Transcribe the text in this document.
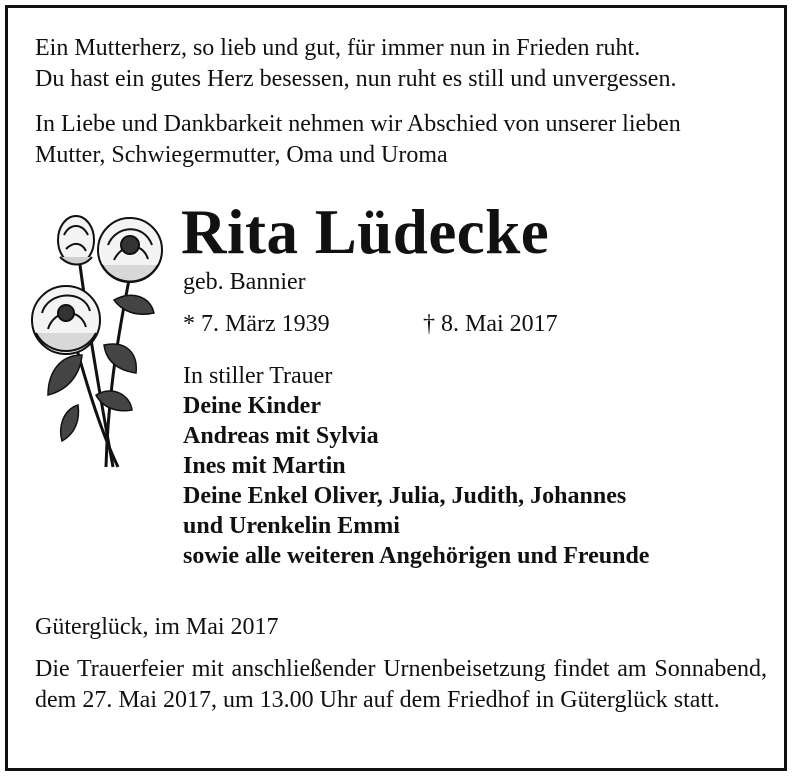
Ein Mutterherz, so lieb und gut, für immer nun in Frieden ruht.
Du hast ein gutes Herz besessen, nun ruht es still und unvergessen.
In Liebe und Dankbarkeit nehmen wir Abschied von unserer lieben
Mutter, Schwiegermutter, Oma und Uroma
Rita Lüdecke
geb. Bannier
* 7. März 1939	† 8. Mai 2017
In stiller Trauer
Deine Kinder
Andreas mit Sylvia
Ines mit Martin
Deine Enkel Oliver, Julia, Judith, Johannes
und Urenkelin Emmi
sowie alle weiteren Angehörigen und Freunde
Güterglück, im Mai 2017
Die Trauerfeier mit anschließender Urnenbeisetzung findet am Sonnabend, dem 27. Mai 2017, um 13.00 Uhr auf dem Friedhof in Güterglück statt.
